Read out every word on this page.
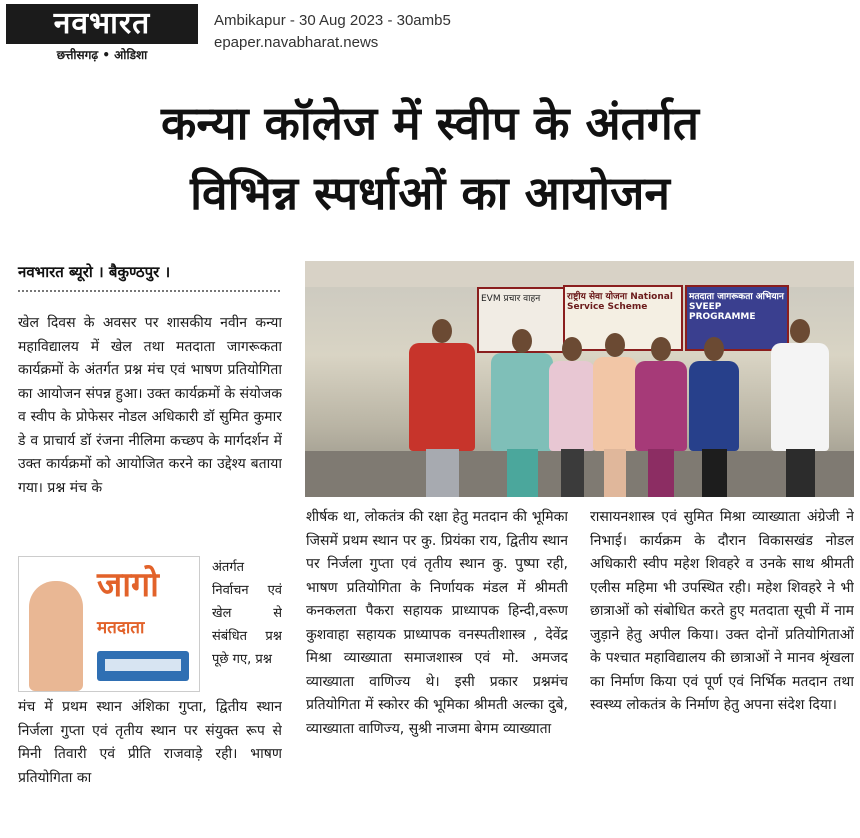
नवभारत
छत्तीसगढ़ • ओडिशा
Ambikapur - 30 Aug 2023 - 30amb5
epaper.navabharat.news
कन्या कॉलेज में स्वीप के अंतर्गत
विभिन्न स्पर्धाओं का आयोजन
नवभारत ब्यूरो । बैकुण्ठपुर ।
खेल दिवस के अवसर पर शासकीय नवीन कन्या महाविद्यालय में खेल तथा मतदाता जागरूकता कार्यक्रमों के अंतर्गत प्रश्न मंच एवं भाषण प्रतियोगिता का आयोजन संपन्न हुआ। उक्त कार्यक्रमों के संयोजक व स्वीप के प्रोफेसर नोडल अधिकारी डॉ सुमित कुमार डे व प्राचार्य डॉ रंजना नीलिमा कच्छप के मार्गदर्शन में उक्त कार्यक्रमों को आयोजित करने का उद्देश्य बताया गया। प्रश्न मंच के
जागो
मतदाता
अंतर्गत निर्वाचन एवं खेल से संबंधित प्रश्न पूछे गए, प्रश्न
मंच में प्रथम स्थान अंशिका गुप्ता, द्वितीय स्थान निर्जला गुप्ता एवं तृतीय स्थान पर संयुक्त रूप से मिनी तिवारी एवं प्रीति राजवाड़े रही। भाषण प्रतियोगिता का
EVM प्रचार वाहन	राष्ट्रीय सेवा योजना National Service Scheme
मतदाता जागरूकता अभियान SVEEP PROGRAMME
शीर्षक था, लोकतंत्र की रक्षा हेतु मतदान की भूमिका जिसमें प्रथम स्थान पर कु. प्रियंका राय, द्वितीय स्थान पर निर्जला गुप्ता एवं तृतीय स्थान कु. पुष्पा रही, भाषण प्रतियोगिता के निर्णायक मंडल में श्रीमती कनकलता पैकरा सहायक प्राध्यापक हिन्दी,वरूण कुशवाहा सहायक प्राध्यापक वनस्पतीशास्त्र , देवेंद्र मिश्रा व्याख्याता समाजशास्त्र एवं मो. अमजद व्याख्याता वाणिज्य थे। इसी प्रकार प्रश्नमंच प्रतियोगिता में स्कोरर की भूमिका श्रीमती अल्का दुबे, व्याख्याता वाणिज्य, सुश्री नाजमा बेगम व्याख्याता
रासायनशास्त्र एवं सुमित मिश्रा व्याख्याता अंग्रेजी ने निभाई। कार्यक्रम के दौरान विकासखंड नोडल अधिकारी स्वीप महेश शिवहरे व उनके साथ श्रीमती एलीस महिमा भी उपस्थित रही। महेश शिवहरे ने भी छात्राओं को संबोधित करते हुए मतदाता सूची में नाम जुड़ाने हेतु अपील किया। उक्त दोनों प्रतियोगिताओं के पश्चात महाविद्यालय की छात्राओं ने मानव श्रृंखला का निर्माण किया एवं पूर्ण एवं निर्भिक मतदान तथा स्वस्थ्य लोकतंत्र के निर्माण हेतु अपना संदेश दिया।
